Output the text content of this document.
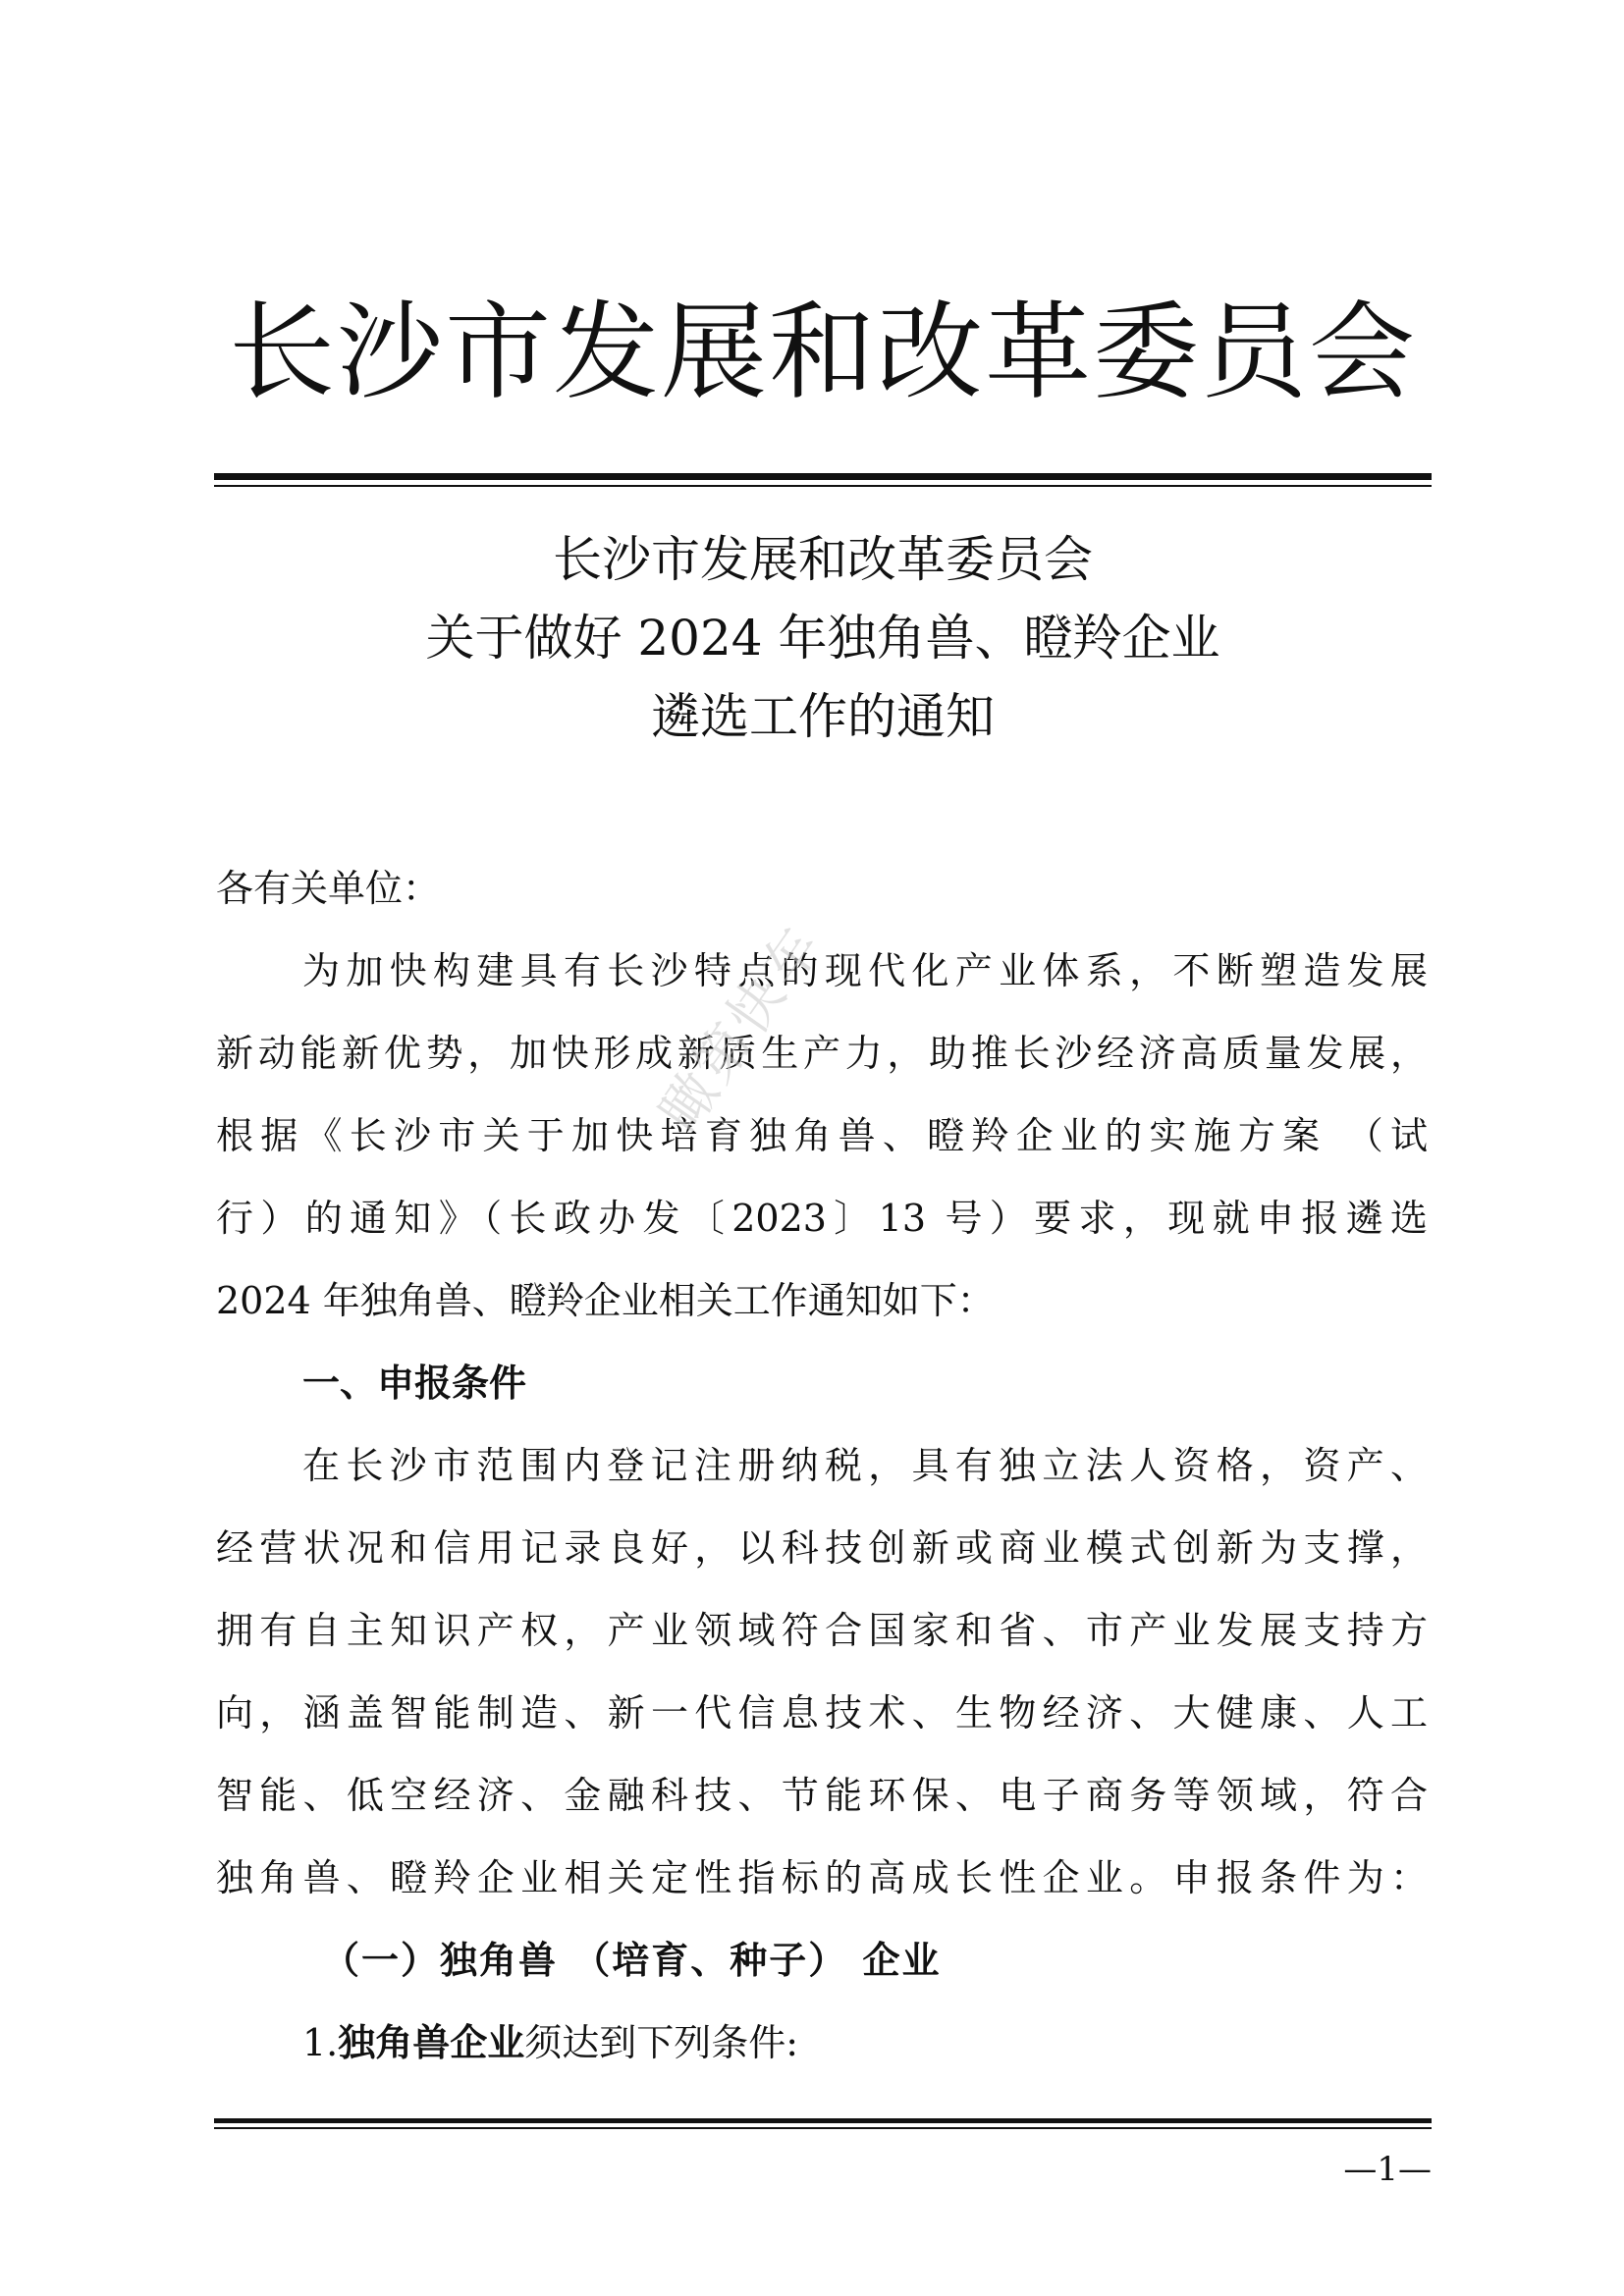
长沙市发展和改革委员会
长沙市发展和改革委员会
关于做好 2024 年独角兽、瞪羚企业
遴选工作的通知
各有关单位：
为加快构建具有长沙特点的现代化产业体系，不断塑造发展
新动能新优势，加快形成新质生产力，助推长沙经济高质量发展，
根据《长沙市关于加快培育独角兽、瞪羚企业的实施方案 （试
行）的通知》（长政办发〔2023〕13 号）要求，现就申报遴选
2024 年独角兽、瞪羚企业相关工作通知如下：
一、申报条件
在长沙市范围内登记注册纳税，具有独立法人资格，资产、
经营状况和信用记录良好，以科技创新或商业模式创新为支撑，
拥有自主知识产权，产业领域符合国家和省、市产业发展支持方
向，涵盖智能制造、新一代信息技术、生物经济、大健康、人工
智能、低空经济、金融科技、节能环保、电子商务等领域，符合
独角兽、瞪羚企业相关定性指标的高成长性企业。申报条件为：
（一）独角兽 （培育、种子） 企业
1.独角兽企业须达到下列条件:
瞰第快车
—1—
